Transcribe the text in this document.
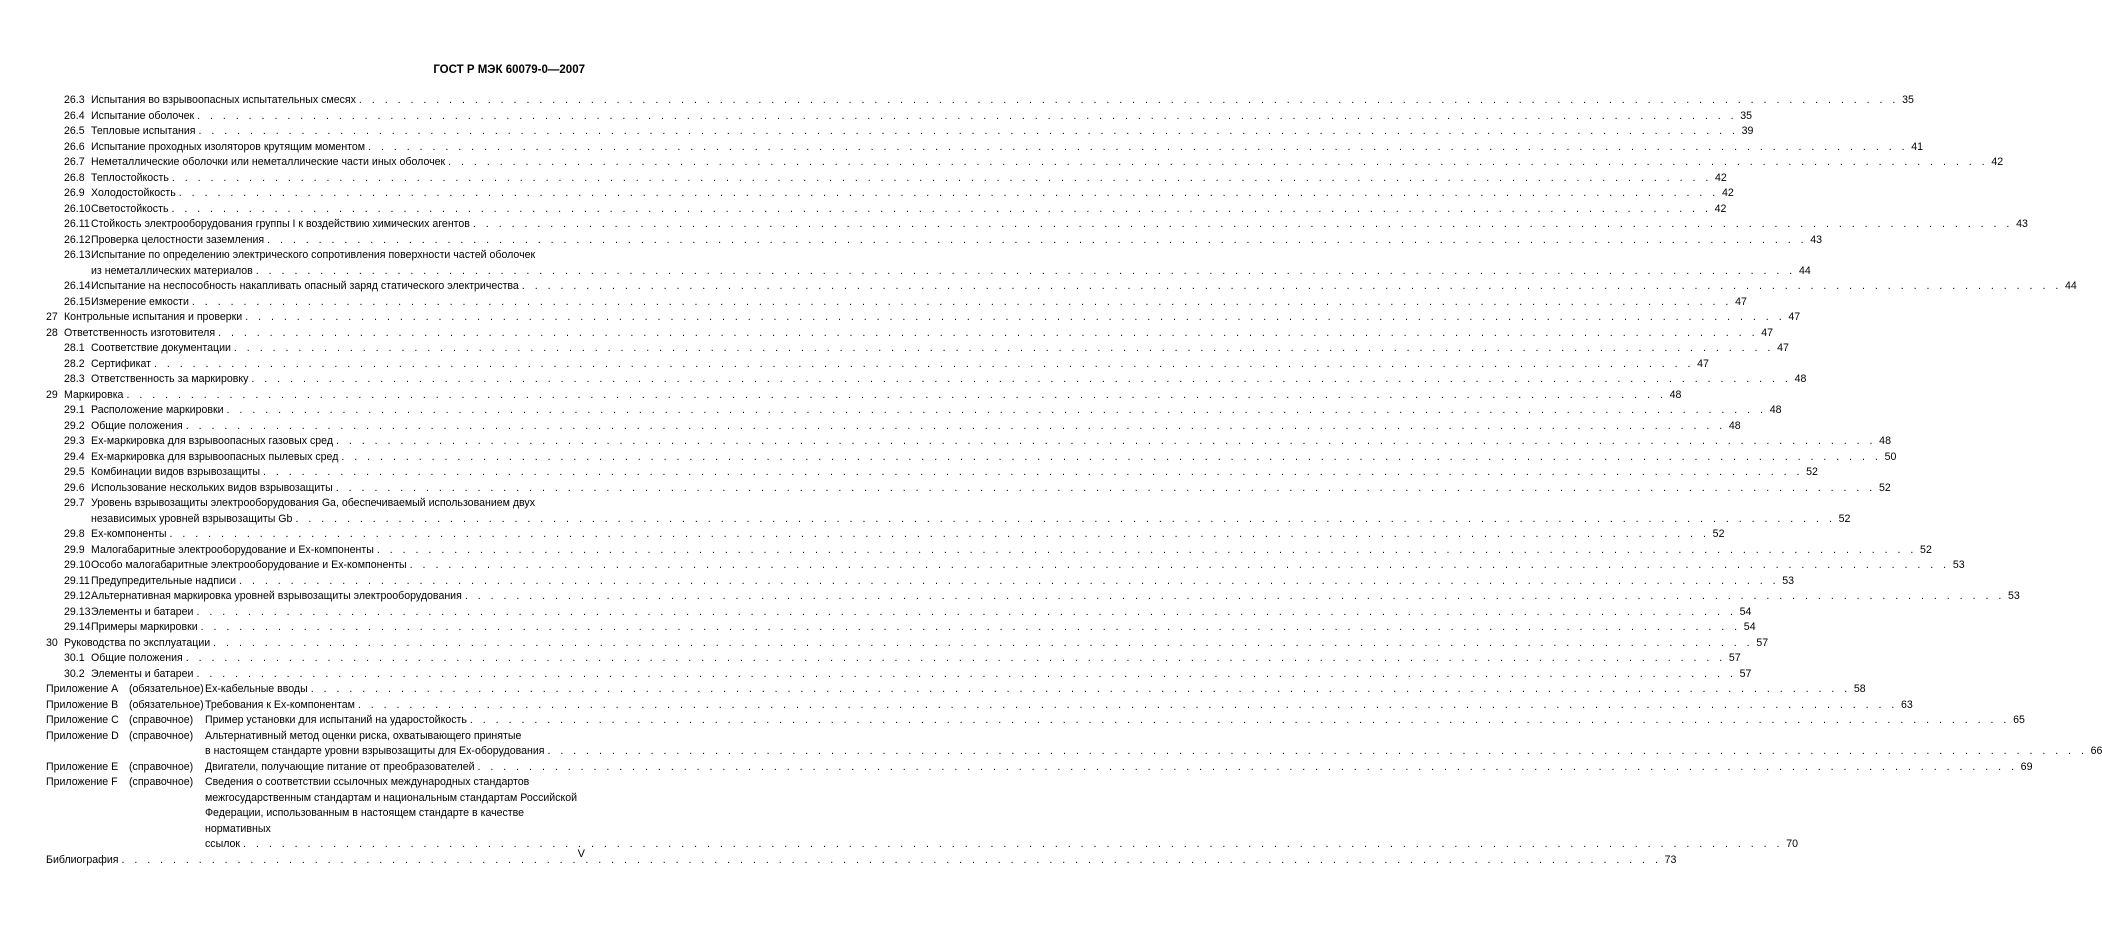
ГОСТ Р МЭК 60079-0—2007
26.3 Испытания во взрывоопасных испытательных смесях . . .	35
26.4 Испытание оболочек . . .	35
26.5 Тепловые испытания . . .	39
26.6 Испытание проходных изоляторов крутящим моментом . . .	41
26.7 Неметаллические оболочки или неметаллические части иных оболочек . . .	42
26.8 Теплостойкость . . .	42
26.9 Холодостойкость . . .	42
26.10 Светостойкость . . .	42
26.11 Стойкость электрооборудования группы I к воздействию химических агентов . . .	43
26.12 Проверка целостности заземления . . .	43
26.13 Испытание по определению электрического сопротивления поверхности частей оболочек
из неметаллических материалов . . .	44
26.14 Испытание на неспособность накапливать опасный заряд статического электричества . . .	44
26.15 Измерение емкости . . .	47
27 Контрольные испытания и проверки . . .	47
28 Ответственность изготовителя . . .	47
28.1 Соответствие документации . . .	47
28.2 Сертификат . . .	47
28.3 Ответственность за маркировку . . .	48
29 Маркировка . . .	48
29.1 Расположение маркировки . . .	48
29.2 Общие положения . . .	48
29.3 Ех-маркировка для взрывоопасных газовых сред . . .	48
29.4 Ех-маркировка для взрывоопасных пылевых сред . . .	50
29.5 Комбинации видов взрывозащиты . . .	52
29.6 Использование нескольких видов взрывозащиты . . .	52
29.7 Уровень взрывозащиты электрооборудования Ga, обеспечиваемый использованием двух
независимых уровней взрывозащиты Gb . . .	52
29.8 Ех-компоненты . . .	52
29.9 Малогабаритные электрооборудование и Ех-компоненты . . .	52
29.10 Особо малогабаритные электрооборудование и Ех-компоненты . . .	53
29.11 Предупредительные надписи . . .	53
29.12 Альтернативная маркировка уровней взрывозащиты электрооборудования . . .	53
29.13 Элементы и батареи . . .	54
29.14 Примеры маркировки . . .	54
30 Руководства по эксплуатации . . .	57
30.1 Общие положения . . .	57
30.2 Элементы и батареи . . .	57
Приложение А	(обязательное) Ех-кабельные вводы . . .	58
Приложение В	(обязательное) Требования к Ех-компонентам . . .	63
Приложение С (справочное)	Пример установки для испытаний на ударостойкость . . .	65
Приложение D (справочное)	Альтернативный метод оценки риска, охватывающего принятые
в настоящем стандарте уровни взрывозащиты для Ех-оборудования . . .	66
Приложение Е	(справочное)	Двигатели, получающие питание от преобразователей . . .	69
Приложение F	(справочное)	Сведения о соответствии ссылочных международных стандартов
межгосударственным стандартам и национальным стандартам Российской
Федерации, использованным в настоящем стандарте в качестве нормативных
ссылок . . .	70
Библиография . . .	73
V
